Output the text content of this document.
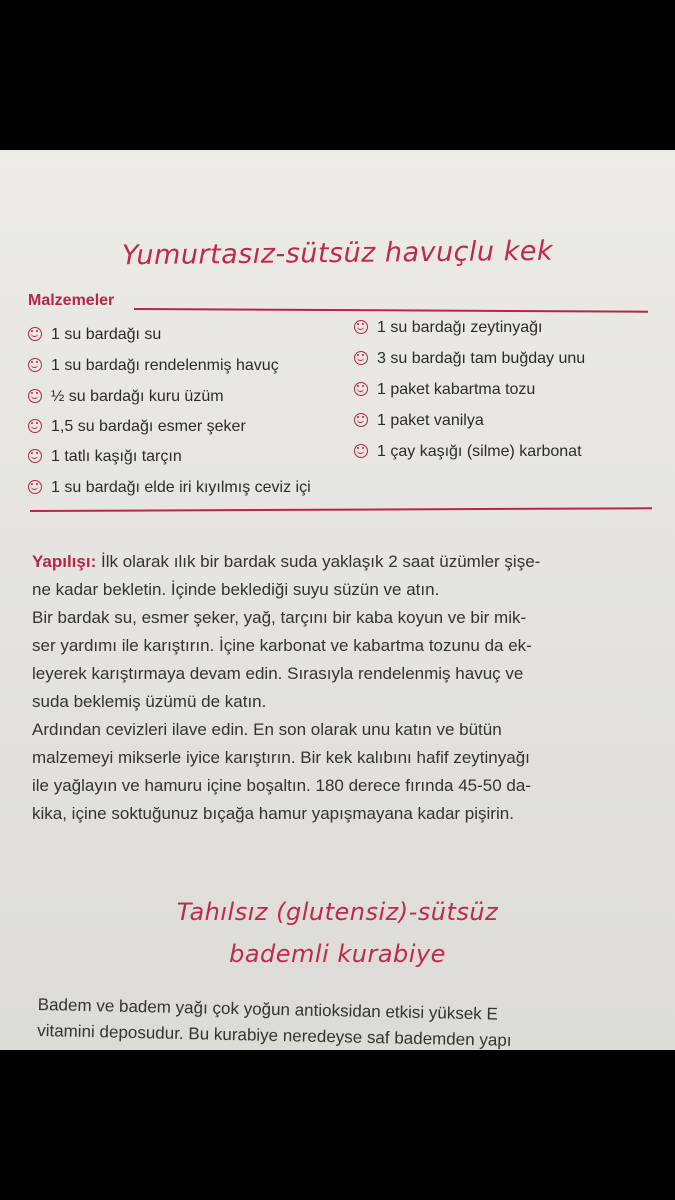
Yumurtasız-sütsüz havuçlu kek
Malzemeler
1 su bardağı su
1 su bardağı rendelenmiş havuç
½ su bardağı kuru üzüm
1,5 su bardağı esmer şeker
1 tatlı kaşığı tarçın
1 su bardağı elde iri kıyılmış ceviz içi
1 su bardağı zeytinyağı
3 su bardağı tam buğday unu
1 paket kabartma tozu
1 paket vanilya
1 çay kaşığı (silme) karbonat

Yapılışı: İlk olarak ılık bir bardak suda yaklaşık 2 saat üzümler şişe-

ne kadar bekletin. İçinde beklediği suyu süzün ve atın.

Bir bardak su, esmer şeker, yağ, tarçını bir kaba koyun ve bir mik-

ser yardımı ile karıştırın. İçine karbonat ve kabartma tozunu da ek-

leyerek karıştırmaya devam edin. Sırasıyla rendelenmiş havuç ve

suda beklemiş üzümü de katın.

Ardından cevizleri ilave edin. En son olarak unu katın ve bütün

malzemeyi mikserle iyice karıştırın. Bir kek kalıbını hafif zeytinyağı

ile yağlayın ve hamuru içine boşaltın. 180 derece fırında 45-50 da-

kika, içine soktuğunuz bıçağa hamur yapışmayana kadar pişirin.

Tahılsız (glutensiz)-sütsüz
bademli kurabiye

Badem ve badem yağı çok yoğun antioksidan etkisi yüksek E

vitamini deposudur. Bu kurabiye neredeyse saf bademden yapı
